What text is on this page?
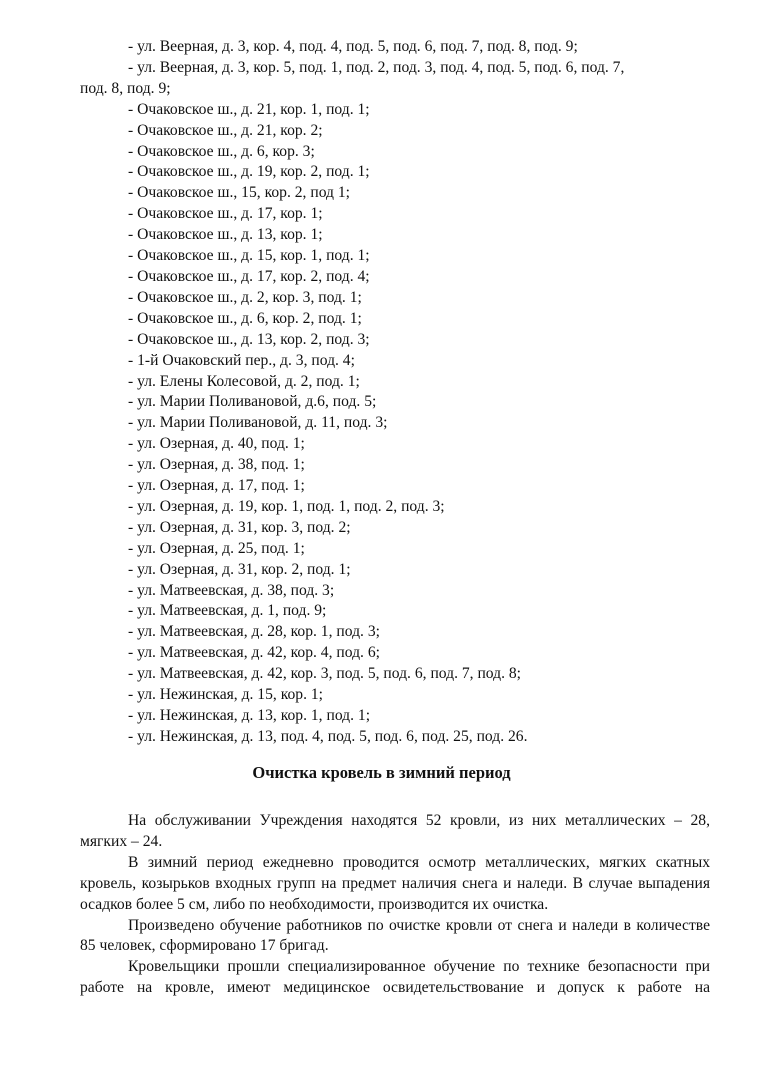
- ул. Веерная, д. 3, кор. 4, под. 4, под. 5, под. 6, под. 7, под. 8, под. 9;
- ул. Веерная, д. 3, кор. 5, под. 1, под. 2, под. 3, под. 4, под. 5, под. 6, под. 7,
под. 8, под. 9;
- Очаковское ш., д. 21, кор. 1, под. 1;
- Очаковское ш., д. 21, кор. 2;
- Очаковское ш., д. 6, кор. 3;
- Очаковское ш., д. 19, кор. 2, под. 1;
- Очаковское ш., 15, кор. 2, под 1;
- Очаковское ш., д. 17, кор. 1;
- Очаковское ш., д. 13, кор. 1;
- Очаковское ш., д. 15, кор. 1, под. 1;
- Очаковское ш., д. 17, кор. 2, под. 4;
- Очаковское ш., д. 2, кор. 3, под. 1;
- Очаковское ш., д. 6, кор. 2, под. 1;
- Очаковское ш., д. 13, кор. 2, под. 3;
- 1-й Очаковский пер., д. 3, под. 4;
- ул. Елены Колесовой, д. 2, под. 1;
- ул. Марии Поливановой, д.6, под. 5;
- ул. Марии Поливановой, д. 11, под. 3;
- ул. Озерная, д. 40, под. 1;
- ул. Озерная, д. 38, под. 1;
- ул. Озерная, д. 17, под. 1;
- ул. Озерная, д. 19, кор. 1, под. 1, под. 2, под. 3;
- ул. Озерная, д. 31, кор. 3, под. 2;
- ул. Озерная, д. 25, под. 1;
- ул. Озерная, д. 31, кор. 2, под. 1;
- ул. Матвеевская, д. 38, под. 3;
- ул. Матвеевская, д. 1, под. 9;
- ул. Матвеевская, д. 28, кор. 1, под. 3;
- ул. Матвеевская, д. 42, кор. 4, под. 6;
- ул. Матвеевская, д. 42, кор. 3, под. 5, под. 6, под. 7, под. 8;
- ул. Нежинская, д. 15, кор. 1;
- ул. Нежинская, д. 13, кор. 1, под. 1;
- ул. Нежинская, д. 13, под. 4, под. 5, под. 6, под. 25, под. 26.
Очистка кровель в зимний период

На обслуживании Учреждения находятся 52 кровли, из них металлических – 28, мягких – 24.

В зимний период ежедневно проводится осмотр металлических, мягких скатных кровель, козырьков входных групп на предмет наличия снега и наледи. В случае выпадения осадков более 5 см, либо по необходимости, производится их очистка.

Произведено обучение работников по очистке кровли от снега и наледи в количестве 85 человек, сформировано 17 бригад.

Кровельщики прошли специализированное обучение по технике безопасности при работе на кровле, имеют медицинское освидетельствование и допуск к работе на
